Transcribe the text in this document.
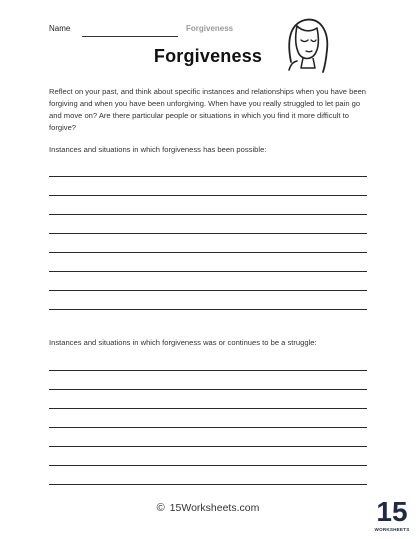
Name	Forgiveness
Forgiveness
Reflect on your past, and think about specific instances and relationships when you have been forgiving and when you have been unforgiving. When have you really struggled to let pain go and move on? Are there particular people or situations in which you find it more difficult to forgive?
Instances and situations in which forgiveness has been possible:
Instances and situations in which forgiveness was or continues to be a struggle:
© 15Worksheets.com	15
WORKSHEETS
